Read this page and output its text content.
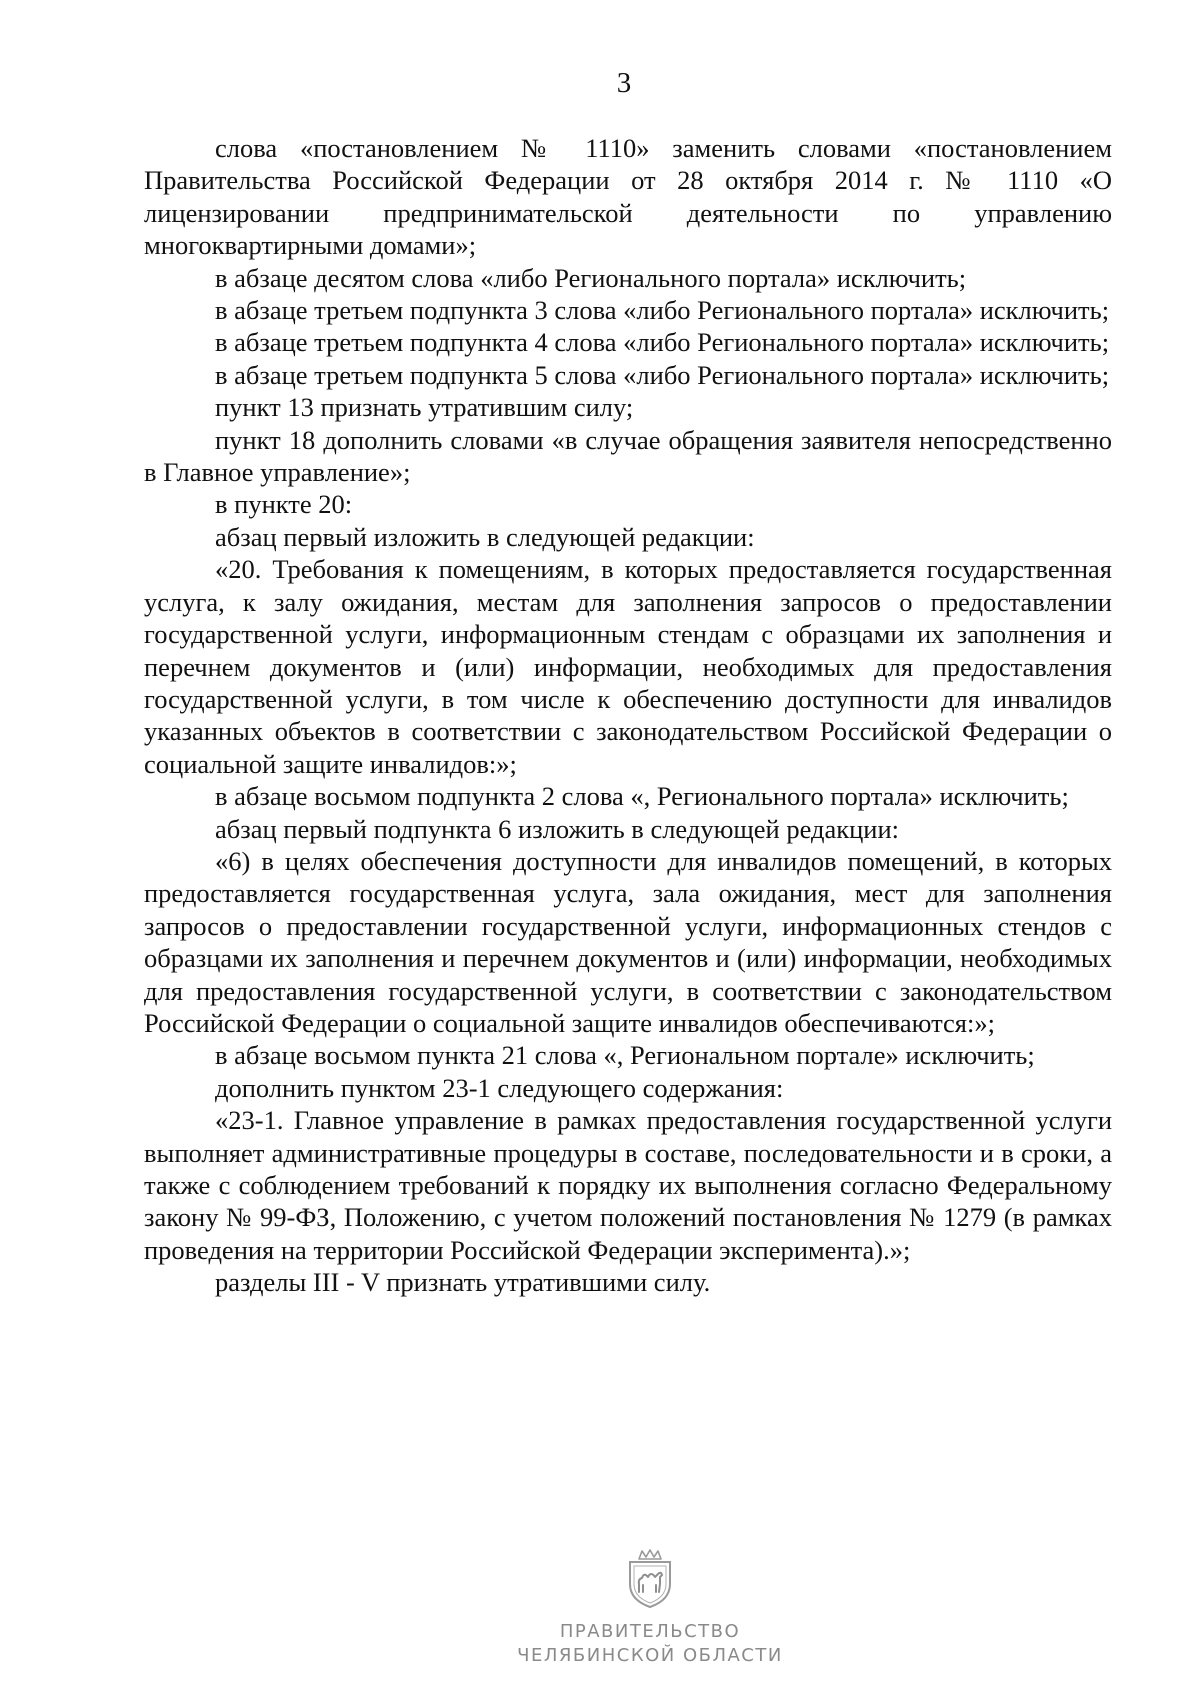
3

слова «постановлением № 1110» заменить словами «постановлением Правительства Российской Федерации от 28 октября 2014 г. № 1110 «О лицензировании предпринимательской деятельности по управлению многоквартирными домами»;

в абзаце десятом слова «либо Регионального портала» исключить;

в абзаце третьем подпункта 3 слова «либо Регионального портала» исключить;

в абзаце третьем подпункта 4 слова «либо Регионального портала» исключить;

в абзаце третьем подпункта 5 слова «либо Регионального портала» исключить;

пункт 13 признать утратившим силу;

пункт 18 дополнить словами «в случае обращения заявителя непосредственно в Главное управление»;

в пункте 20:

абзац первый изложить в следующей редакции:

«20. Требования к помещениям, в которых предоставляется государственная услуга, к залу ожидания, местам для заполнения запросов о предоставлении государственной услуги, информационным стендам с образцами их заполнения и перечнем документов и (или) информации, необходимых для предоставления государственной услуги, в том числе к обеспечению доступности для инвалидов указанных объектов в соответствии с законодательством Российской Федерации о социальной защите инвалидов:»;

в абзаце восьмом подпункта 2 слова «, Регионального портала» исключить;

абзац первый подпункта 6 изложить в следующей редакции:

«6) в целях обеспечения доступности для инвалидов помещений, в которых предоставляется государственная услуга, зала ожидания, мест для заполнения запросов о предоставлении государственной услуги, информационных стендов с образцами их заполнения и перечнем документов и (или) информации, необходимых для предоставления государственной услуги, в соответствии с законодательством Российской Федерации о социальной защите инвалидов обеспечиваются:»;

в абзаце восьмом пункта 21 слова «, Региональном портале» исключить;

дополнить пунктом 23-1 следующего содержания:

«23-1. Главное управление в рамках предоставления государственной услуги выполняет административные процедуры в составе, последовательности и в сроки, а также с соблюдением требований к порядку их выполнения согласно Федеральному закону № 99-ФЗ, Положению, с учетом положений постановления № 1279 (в рамках проведения на территории Российской Федерации эксперимента).»;

разделы III - V признать утратившими силу.

ПРАВИТЕЛЬСТВО
ЧЕЛЯБИНСКОЙ ОБЛАСТИ
